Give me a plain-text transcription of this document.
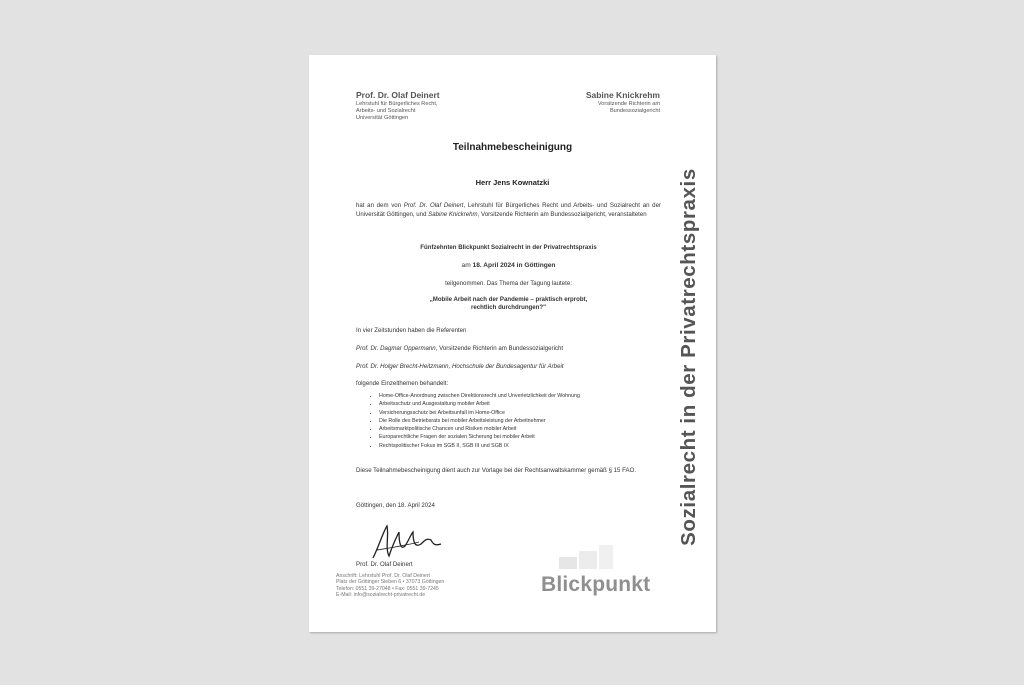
Prof. Dr. Olaf Deinert
Lehrstuhl für Bürgerliches Recht,
Arbeits- und Sozialrecht
Universität Göttingen
Sabine Knickrehm
Vorsitzende Richterin am
Bundessozialgericht
Teilnahmebescheinigung
Herr Jens Kownatzki
hat an dem von Prof. Dr. Olaf Deinert, Lehrstuhl für Bürgerliches Recht und Arbeits- und Sozialrecht an der Universität Göttingen, und Sabine Knickrehm, Vorsitzende Richterin am Bundessozialgericht, veranstalteten
Fünfzehnten Blickpunkt Sozialrecht in der Privatrechtspraxis
am 18. April 2024 in Göttingen
teilgenommen. Das Thema der Tagung lautete:
„Mobile Arbeit nach der Pandemie – praktisch erprobt,
rechtlich durchdrungen?"
In vier Zeitstunden haben die Referenten
Prof. Dr. Dagmar Oppermann, Vorsitzende Richterin am Bundessozialgericht
Prof. Dr. Holger Brecht-Heitzmann, Hochschule der Bundesagentur für Arbeit
folgende Einzelthemen behandelt:
• Home-Office-Anordnung zwischen Direktionsrecht und Unverletzlichkeit der Wohnung
• Arbeitsschutz und Ausgestaltung mobiler Arbeit
• Versicherungsschutz bei Arbeitsunfall im Home-Office
• Die Rolle des Betriebsrats bei mobiler Arbeitsleistung der Arbeitnehmer
• Arbeitsmarktpolitische Chancen und Risiken mobiler Arbeit
• Europarechtliche Fragen der sozialen Sicherung bei mobiler Arbeit
• Rechtspolitischer Fokus im SGB II, SGB III und SGB IX
Diese Teilnahmebescheinigung dient auch zur Vorlage bei der Rechtsanwaltskammer gemäß § 15 FAO.
Göttingen, den 18. April 2024
Prof. Dr. Olaf Deinert
Anschrift: Lehrstuhl Prof. Dr. Olaf Deinert
Platz der Göttinger Sieben 6 • 37073 Göttingen
Telefon: 0551 39-27048 • Fax: 0551 39-7245
E-Mail: info@sozialrecht-privatrecht.de	Blickpunkt
Sozialrecht in der Privatrechtspraxis
